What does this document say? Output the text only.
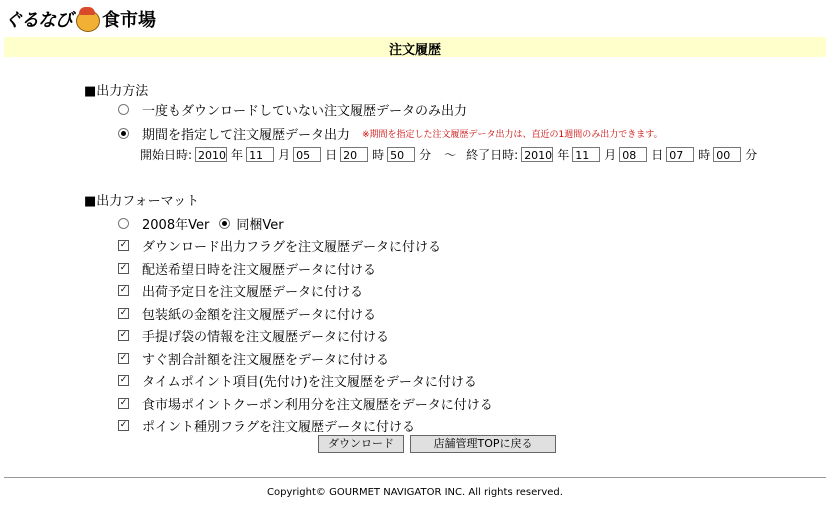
ぐるなび 食市場
注文履歴
■出力方法
一度もダウンロードしていない注文履歴データのみ出力
期間を指定して注文履歴データ出力 ※期間を指定した注文履歴データ出力は、直近の1週間のみ出力できます。
開始日時: 2010 年 11	月 05	日 20	時 50	分 ～ 終了日時: 2010 年 11	月 08	日 07	時 00	分
■出力フォーマット
2008年Ver 同梱Ver
✓
ダウンロード出力フラグを注文履歴データに付ける
✓
配送希望日時を注文履歴データに付ける
✓
出荷予定日を注文履歴データに付ける
✓
包装紙の金額を注文履歴データに付ける
✓
手提げ袋の情報を注文履歴データに付ける
✓
すぐ割合計額を注文履歴をデータに付ける
✓
タイムポイント項目(先付け)を注文履歴をデータに付ける
✓
食市場ポイントクーポン利用分を注文履歴をデータに付ける
✓
ポイント種別フラグを注文履歴データに付ける
ダウンロード	店舗管理TOPに戻る
Copyright© GOURMET NAVIGATOR INC. All rights reserved.
